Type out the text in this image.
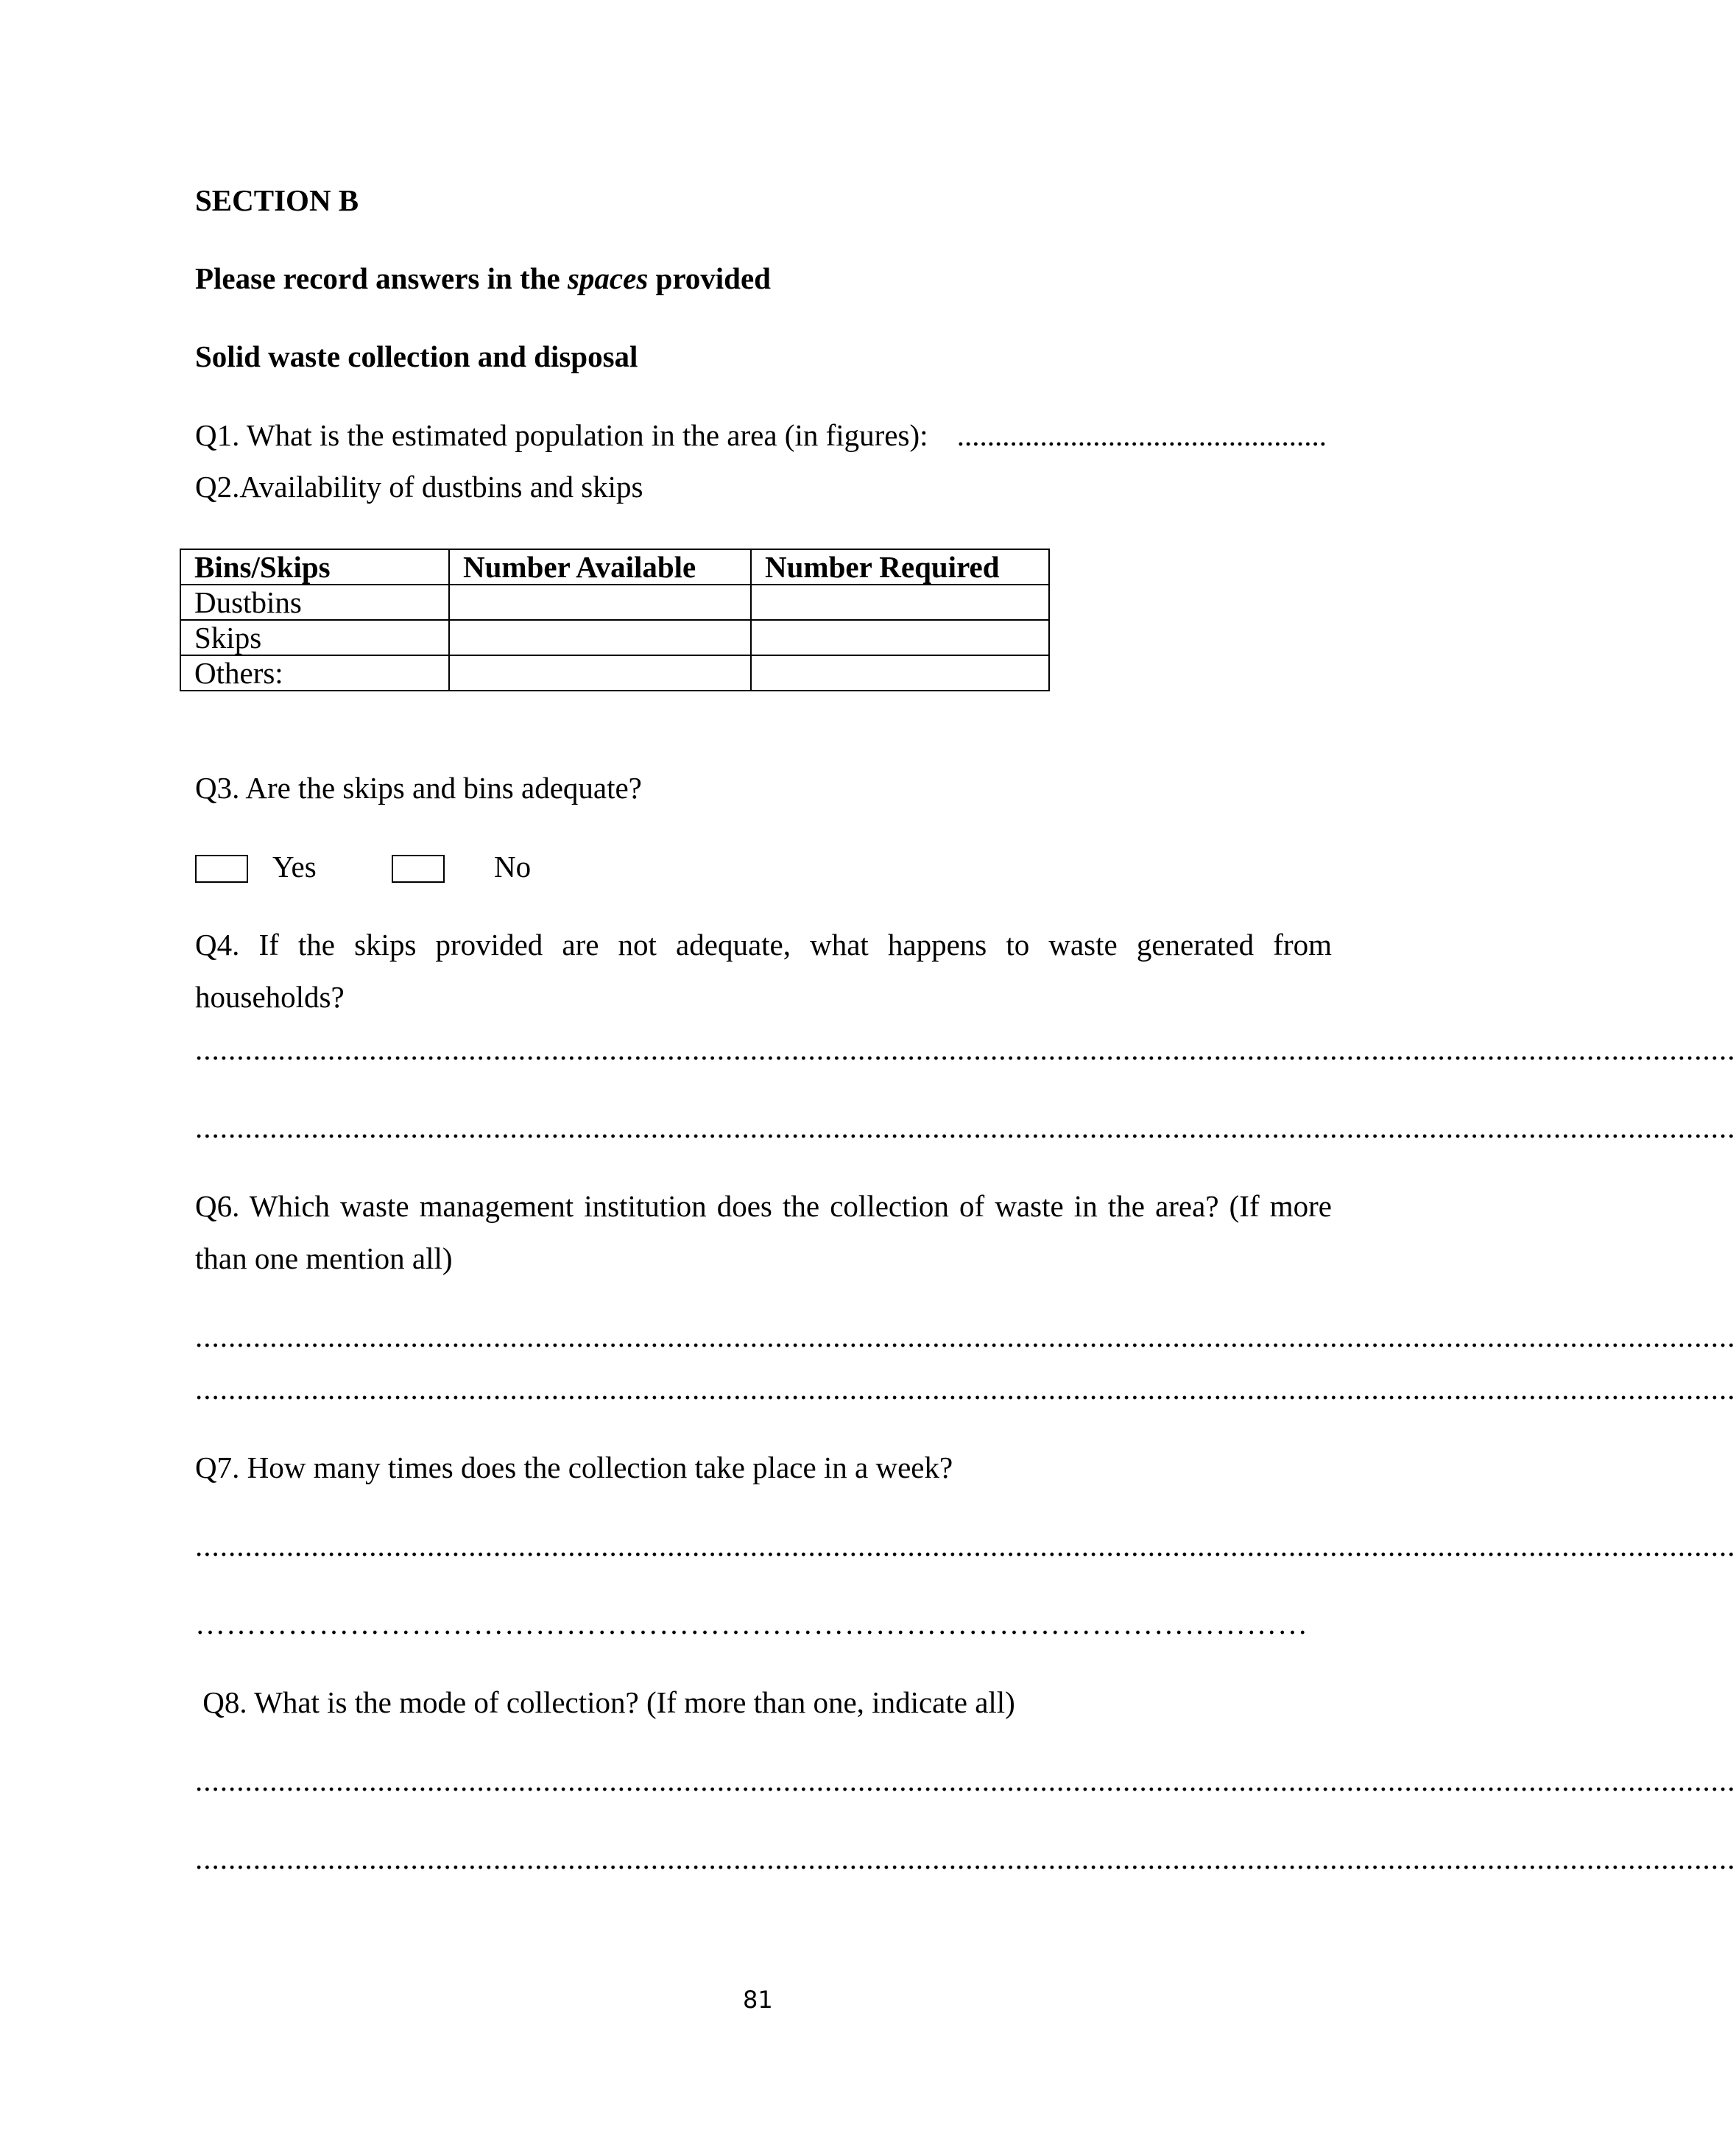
SECTION B
Please record answers in the spaces provided
Solid waste collection and disposal
Q1. What is the estimated population in the area (in figures): .................................................
Q2.Availability of dustbins and skips
Bins/Skips	Number Available	Number Required
Dustbins		
Skips		
Others:		
Q3. Are the skips and bins adequate?
Yes	No
Q4. If the skips provided are not adequate, what happens to waste generated from
households?
..........................................................................................................................................................................................
..........................................................................................................................................................................................
Q6. Which waste management institution does the collection of waste in the area? (If more
than one mention all)
..........................................................................................................................................................................................
..........................................................................................................................................................................................
Q7. How many times does the collection take place in a week?
..........................................................................................................................................................................................
………………………………………………………………………………………………
Q8. What is the mode of collection? (If more than one, indicate all)
..........................................................................................................................................................................................
..........................................................................................................................................................................................
81
